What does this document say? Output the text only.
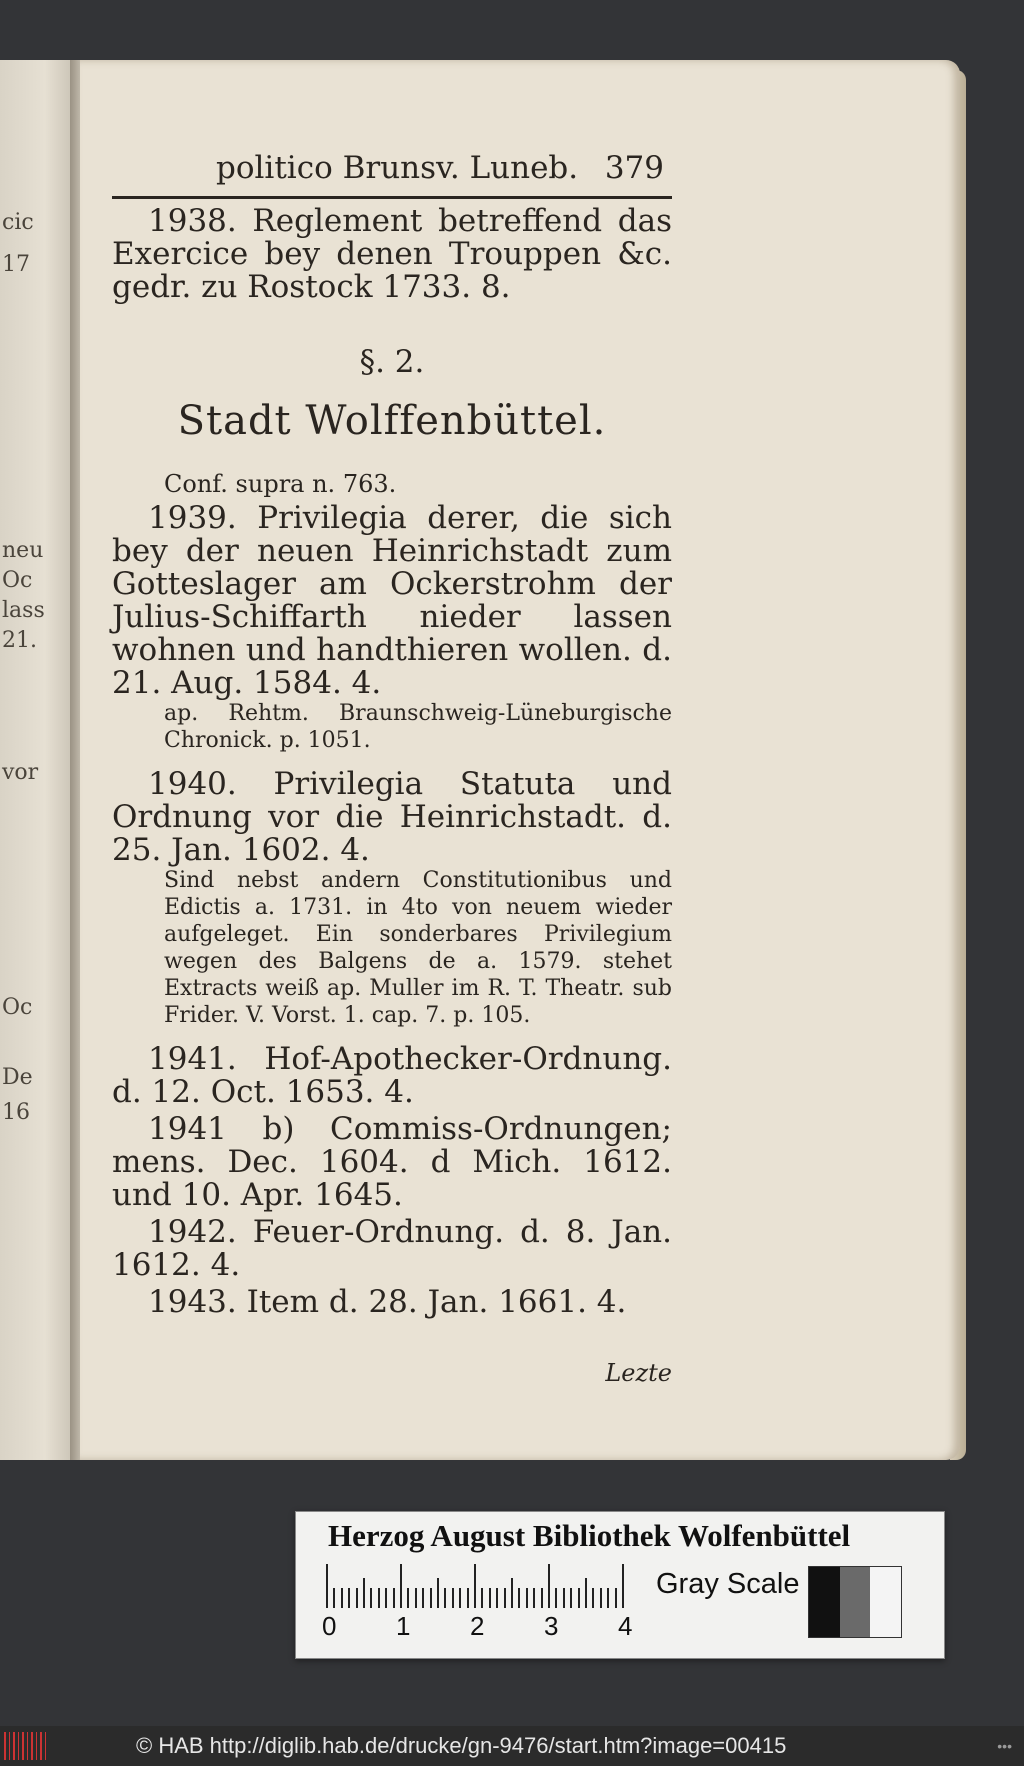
cic
17
neu
Oc
lass
21.
vor
Oc
De
16
politico Brunsv. Luneb. 379
1938. Reglement betreffend das Exercice bey denen Trouppen &c. gedr. zu Rostock 1733. 8.
§. 2.
Stadt Wolffenbüttel.
Conf. supra n. 763.
1939. Privilegia derer, die sich bey der neuen Heinrichstadt zum Gotteslager am Ockerstrohm der Julius-Schiffarth nieder lassen wohnen und handthieren wollen. d. 21. Aug. 1584. 4.
ap. Rehtm. Braunschweig-Lüneburgische Chronick. p. 1051.
1940. Privilegia Statuta und Ordnung vor die Heinrichstadt. d. 25. Jan. 1602. 4.
Sind nebst andern Constitutionibus und Edictis a. 1731. in 4to von neuem wieder aufgeleget. Ein sonderbares Privilegium wegen des Balgens de a. 1579. stehet Extracts weiß ap. Muller im R. T. Theatr. sub Frider. V. Vorst. 1. cap. 7. p. 105.
1941. Hof-Apothecker-Ordnung. d. 12. Oct. 1653. 4.
1941 b) Commiss-Ordnungen; mens. Dec. 1604. d Mich. 1612. und 10. Apr. 1645.
1942. Feuer-Ordnung. d. 8. Jan. 1612. 4.
1943. Item d. 28. Jan. 1661. 4.
Lezte
Herzog August Bibliothek Wolfenbüttel
0 1 2 3 4
Gray Scale
© HAB http://diglib.hab.de/drucke/gn-9476/start.htm?image=00415	•••
